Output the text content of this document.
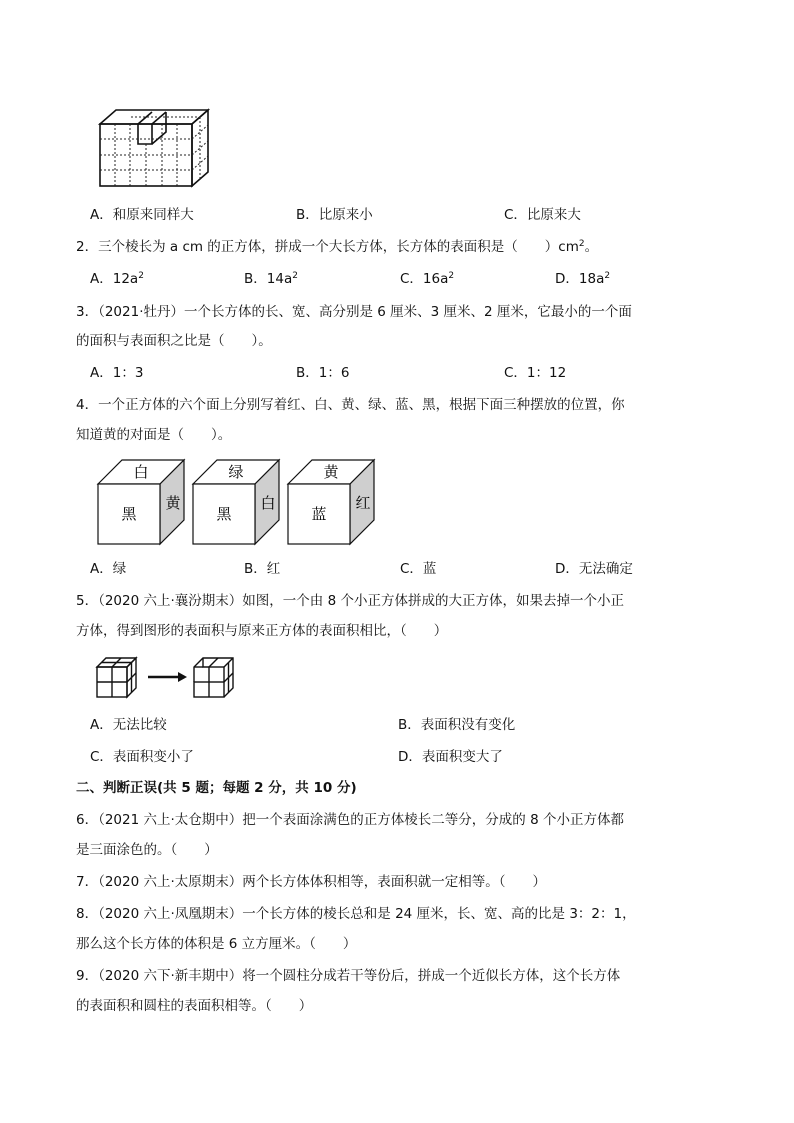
A．和原来同样大	B．比原来小	C．比原来大
2．三个棱长为 a cm 的正方体，拼成一个大长方体，长方体的表面积是（　　）$cm^2$。
A．$12a^2$	B．$14a^2$	C．$16a^2$	D．$18a^2$
3．（2021·牡丹）一个长方体的长、宽、高分别是 6 厘米、3 厘米、2 厘米，它最小的一个面
的面积与表面积之比是（　　）。
A．1：3	B．1：6	C．1：12
4．一个正方体的六个面上分别写着红、白、黄、绿、蓝、黑，根据下面三种摆放的位置，你
知道黄的对面是（　　）。
白
黑
黄
绿
黑
白
黄
蓝
红
A．绿	B．红	C．蓝	D．无法确定
5．（2020 六上·襄汾期末）如图，一个由 8 个小正方体拼成的大正方体，如果去掉一个小正
方体，得到图形的表面积与原来正方体的表面积相比，（　　）
A．无法比较	B．表面积没有变化
C．表面积变小了	D．表面积变大了
二、判断正误(共 5 题；每题 2 分，共 10 分)
6．（2021 六上·太仓期中）把一个表面涂满色的正方体棱长二等分，分成的 8 个小正方体都
是三面涂色的。（　　）
7．（2020 六上·太原期末）两个长方体体积相等，表面积就一定相等。（　　）
8．（2020 六上·凤凰期末）一个长方体的棱长总和是 24 厘米，长、宽、高的比是 3：2：1，
那么这个长方体的体积是 6 立方厘米。（　　）
9．（2020 六下·新丰期中）将一个圆柱分成若干等份后，拼成一个近似长方体，这个长方体
的表面积和圆柱的表面积相等。（　　）
